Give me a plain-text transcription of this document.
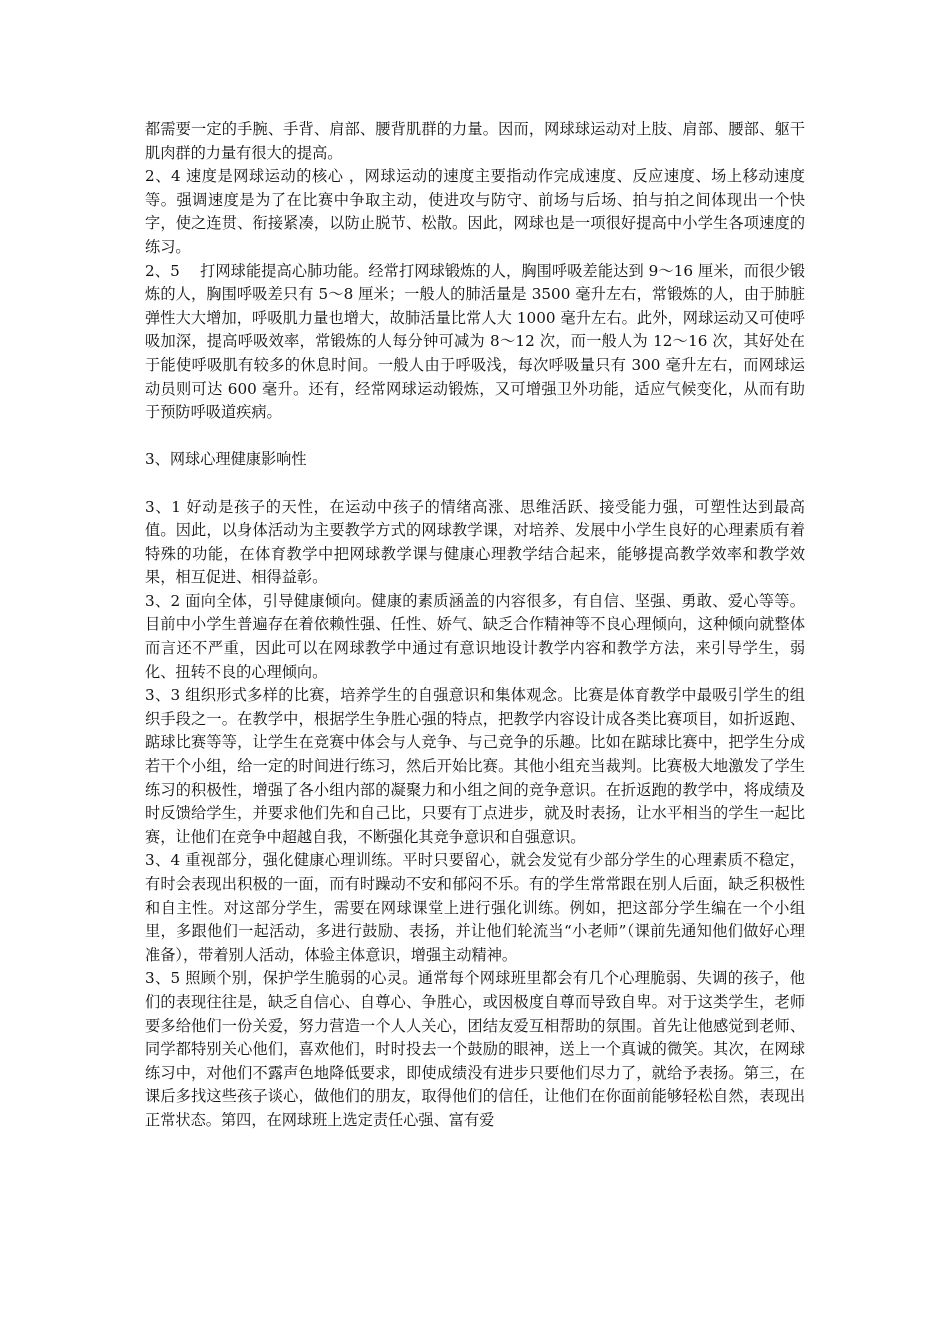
都需要一定的手腕、手背、肩部、腰背肌群的力量。因而，网球球运动对上肢、肩部、腰部、躯干肌肉群的力量有很大的提高。

2、4 速度是网球运动的核心 ，网球运动的速度主要指动作完成速度、反应速度、场上移动速度等。强调速度是为了在比赛中争取主动，使进攻与防守、前场与后场、拍与拍之间体现出一个快字，使之连贯、衔接紧凑，以防止脱节、松散。因此，网球也是一项很好提高中小学生各项速度的练习。

2、5　 打网球能提高心肺功能。经常打网球锻炼的人，胸围呼吸差能达到 9～16 厘米，而很少锻炼的人，胸围呼吸差只有 5～8 厘米；一般人的肺活量是 3500 毫升左右，常锻炼的人，由于肺脏弹性大大增加，呼吸肌力量也增大，故肺活量比常人大 1000 毫升左右。此外，网球运动又可使呼吸加深，提高呼吸效率，常锻炼的人每分钟可减为 8～12 次，而一般人为 12～16 次，其好处在于能使呼吸肌有较多的休息时间。一般人由于呼吸浅，每次呼吸量只有 300 毫升左右，而网球运动员则可达 600 毫升。还有，经常网球运动锻炼，又可增强卫外功能，适应气候变化，从而有助于预防呼吸道疾病。

3、网球心理健康影响性

3、1 好动是孩子的天性，在运动中孩子的情绪高涨、思维活跃、接受能力强，可塑性达到最高值。因此，以身体活动为主要教学方式的网球教学课，对培养、发展中小学生良好的心理素质有着特殊的功能，在体育教学中把网球教学课与健康心理教学结合起来，能够提高教学效率和教学效果，相互促进、相得益彰。

3、2 面向全体，引导健康倾向。健康的素质涵盖的内容很多，有自信、坚强、勇敢、爱心等等。目前中小学生普遍存在着依赖性强、任性、娇气、缺乏合作精神等不良心理倾向，这种倾向就整体而言还不严重，因此可以在网球教学中通过有意识地设计教学内容和教学方法，来引导学生，弱化、扭转不良的心理倾向。

3、3 组织形式多样的比赛，培养学生的自强意识和集体观念。比赛是体育教学中最吸引学生的组织手段之一。在教学中，根据学生争胜心强的特点，把教学内容设计成各类比赛项目，如折返跑、踮球比赛等等，让学生在竞赛中体会与人竞争、与己竞争的乐趣。比如在踮球比赛中，把学生分成若干个小组，给一定的时间进行练习，然后开始比赛。其他小组充当裁判。比赛极大地激发了学生练习的积极性，增强了各小组内部的凝聚力和小组之间的竞争意识。在折返跑的教学中，将成绩及时反馈给学生，并要求他们先和自己比，只要有丁点进步，就及时表扬，让水平相当的学生一起比赛，让他们在竞争中超越自我，不断强化其竞争意识和自强意识。

3、4 重视部分，强化健康心理训练。平时只要留心，就会发觉有少部分学生的心理素质不稳定，有时会表现出积极的一面，而有时躁动不安和郁闷不乐。有的学生常常跟在别人后面，缺乏积极性和自主性。对这部分学生，需要在网球课堂上进行强化训练。例如，把这部分学生编在一个小组里，多跟他们一起活动，多进行鼓励、表扬，并让他们轮流当“小老师”（课前先通知他们做好心理准备），带着别人活动，体验主体意识，增强主动精神。

3、5 照顾个别，保护学生脆弱的心灵。通常每个网球班里都会有几个心理脆弱、失调的孩子，他们的表现往往是，缺乏自信心、自尊心、争胜心，或因极度自尊而导致自卑。对于这类学生，老师要多给他们一份关爱，努力营造一个人人关心，团结友爱互相帮助的氛围。首先让他感觉到老师、同学都特别关心他们，喜欢他们，时时投去一个鼓励的眼神，送上一个真诚的微笑。其次，在网球练习中，对他们不露声色地降低要求，即使成绩没有进步只要他们尽力了，就给予表扬。第三，在课后多找这些孩子谈心，做他们的朋友，取得他们的信任，让他们在你面前能够轻松自然，表现出正常状态。第四，在网球班上选定责任心强、富有爱
